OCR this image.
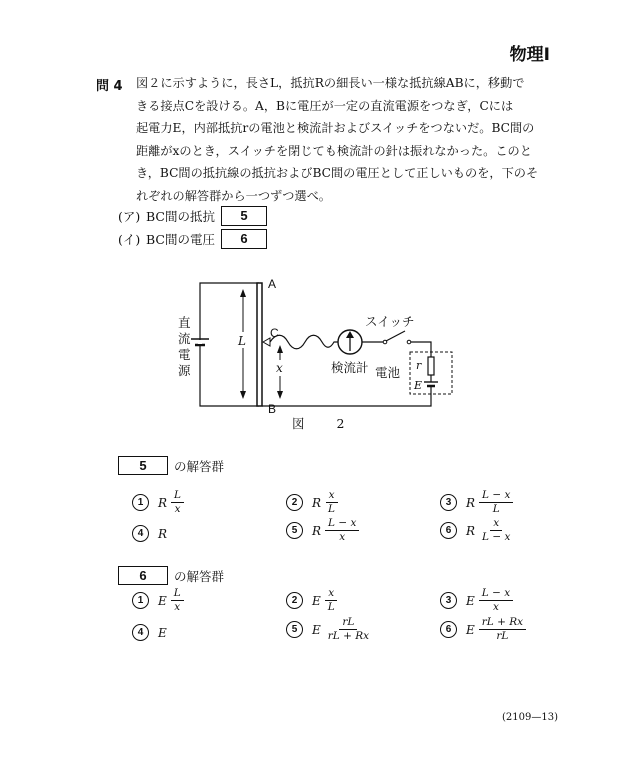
物理Ⅰ
問 4 図２に示すように，長さL，抵抗Rの細長い一様な抵抗線ABに，移動で
きる接点Cを設ける。A，Bに電圧が一定の直流電源をつなぎ，Cには
起電力E，内部抵抗rの電池と検流計およびスイッチをつないだ。BC間の
距離がxのとき，スイッチを閉じても検流計の針は振れなかった。このと
き，BC間の抵抗線の抵抗およびBC間の電圧として正しいものを，下のそ
れぞれの解答群から一つずつ選べ。
(ア) BC間の抵抗	5
(イ) BC間の電圧	6
A
B
C
L
x
直
流
電
源
スイッチ
検流計 電池 r
E
図 2
5	の解答群
1	R $\frac{L}{x}$	2	R $\frac{x}{L}$	3	R $\frac{L - x}{L}$
4	R	5	R $\frac{L - x}{x}$	6	R $\frac{x}{L - x}$
6	の解答群
1	E $\frac{L}{x}$	2	E $\frac{x}{L}$	3	E $\frac{L - x}{x}$
4	E	5	E $\frac{rL}{rL + Rx}$	6	E $\frac{rL + Rx}{rL}$
(2109—13)
